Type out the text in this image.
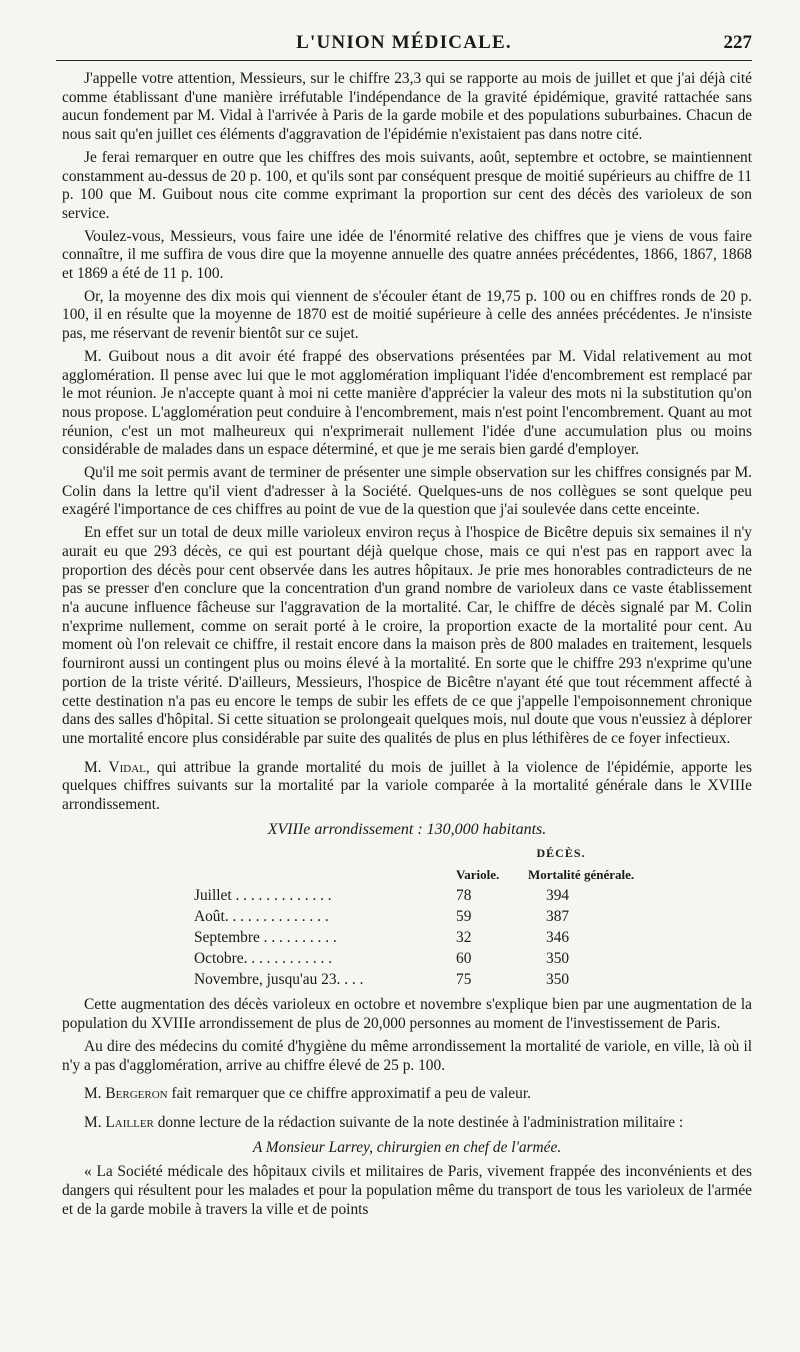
L'UNION MÉDICALE.	227

J'appelle votre attention, Messieurs, sur le chiffre 23,3 qui se rapporte au mois de juillet et que j'ai déjà cité comme établissant d'une manière irréfutable l'indépendance de la gravité épidémique, gravité rattachée sans aucun fondement par M. Vidal à l'arrivée à Paris de la garde mobile et des populations suburbaines. Chacun de nous sait qu'en juillet ces éléments d'aggravation de l'épidémie n'existaient pas dans notre cité.

Je ferai remarquer en outre que les chiffres des mois suivants, août, septembre et octobre, se maintiennent constamment au-dessus de 20 p. 100, et qu'ils sont par conséquent presque de moitié supérieurs au chiffre de 11 p. 100 que M. Guibout nous cite comme exprimant la proportion sur cent des décès des varioleux de son service.

Voulez-vous, Messieurs, vous faire une idée de l'énormité relative des chiffres que je viens de vous faire connaître, il me suffira de vous dire que la moyenne annuelle des quatre années précédentes, 1866, 1867, 1868 et 1869 a été de 11 p. 100.

Or, la moyenne des dix mois qui viennent de s'écouler étant de 19,75 p. 100 ou en chiffres ronds de 20 p. 100, il en résulte que la moyenne de 1870 est de moitié supérieure à celle des années précédentes. Je n'insiste pas, me réservant de revenir bientôt sur ce sujet.

M. Guibout nous a dit avoir été frappé des observations présentées par M. Vidal relativement au mot agglomération. Il pense avec lui que le mot agglomération impliquant l'idée d'encombrement est remplacé par le mot réunion. Je n'accepte quant à moi ni cette manière d'apprécier la valeur des mots ni la substitution qu'on nous propose. L'agglomération peut conduire à l'encombrement, mais n'est point l'encombrement. Quant au mot réunion, c'est un mot malheureux qui n'exprimerait nullement l'idée d'une accumulation plus ou moins considérable de malades dans un espace déterminé, et que je me serais bien gardé d'employer.

Qu'il me soit permis avant de terminer de présenter une simple observation sur les chiffres consignés par M. Colin dans la lettre qu'il vient d'adresser à la Société. Quelques-uns de nos collègues se sont quelque peu exagéré l'importance de ces chiffres au point de vue de la question que j'ai soulevée dans cette enceinte.

En effet sur un total de deux mille varioleux environ reçus à l'hospice de Bicêtre depuis six semaines il n'y aurait eu que 293 décès, ce qui est pourtant déjà quelque chose, mais ce qui n'est pas en rapport avec la proportion des décès pour cent observée dans les autres hôpitaux. Je prie mes honorables contradicteurs de ne pas se presser d'en conclure que la concentration d'un grand nombre de varioleux dans ce vaste établissement n'a aucune influence fâcheuse sur l'aggravation de la mortalité. Car, le chiffre de décès signalé par M. Colin n'exprime nullement, comme on serait porté à le croire, la proportion exacte de la mortalité pour cent. Au moment où l'on relevait ce chiffre, il restait encore dans la maison près de 800 malades en traitement, lesquels fourniront aussi un contingent plus ou moins élevé à la mortalité. En sorte que le chiffre 293 n'exprime qu'une portion de la triste vérité. D'ailleurs, Messieurs, l'hospice de Bicêtre n'ayant été que tout récemment affecté à cette destination n'a pas eu encore le temps de subir les effets de ce que j'appelle l'empoisonnement chronique dans des salles d'hôpital. Si cette situation se prolongeait quelques mois, nul doute que vous n'eussiez à déplorer une mortalité encore plus considérable par suite des qualités de plus en plus léthifères de ce foyer infectieux.

M. Vidal, qui attribue la grande mortalité du mois de juillet à la violence de l'épidémie, apporte les quelques chiffres suivants sur la mortalité par la variole comparée à la mortalité générale dans le XVIIIe arrondissement.

XVIIIe arrondissement : 130,000 habitants.
	DÉCÈS.	
	Variole.	Mortalité générale.
Juillet . . . . . . . . . . . . .	78	394
Août. . . . . . . . . . . . . .	59	387
Septembre . . . . . . . . . .	32	346
Octobre. . . . . . . . . . . .	60	350
Novembre, jusqu'au 23. . . .	75	350

Cette augmentation des décès varioleux en octobre et novembre s'explique bien par une augmentation de la population du XVIIIe arrondissement de plus de 20,000 personnes au moment de l'investissement de Paris.

Au dire des médecins du comité d'hygiène du même arrondissement la mortalité de variole, en ville, là où il n'y a pas d'agglomération, arrive au chiffre élevé de 25 p. 100.

M. Bergeron fait remarquer que ce chiffre approximatif a peu de valeur.

M. Lailler donne lecture de la rédaction suivante de la note destinée à l'administration militaire :

A Monsieur Larrey, chirurgien en chef de l'armée.

« La Société médicale des hôpitaux civils et militaires de Paris, vivement frappée des inconvénients et des dangers qui résultent pour les malades et pour la population même du transport de tous les varioleux de l'armée et de la garde mobile à travers la ville et de points
